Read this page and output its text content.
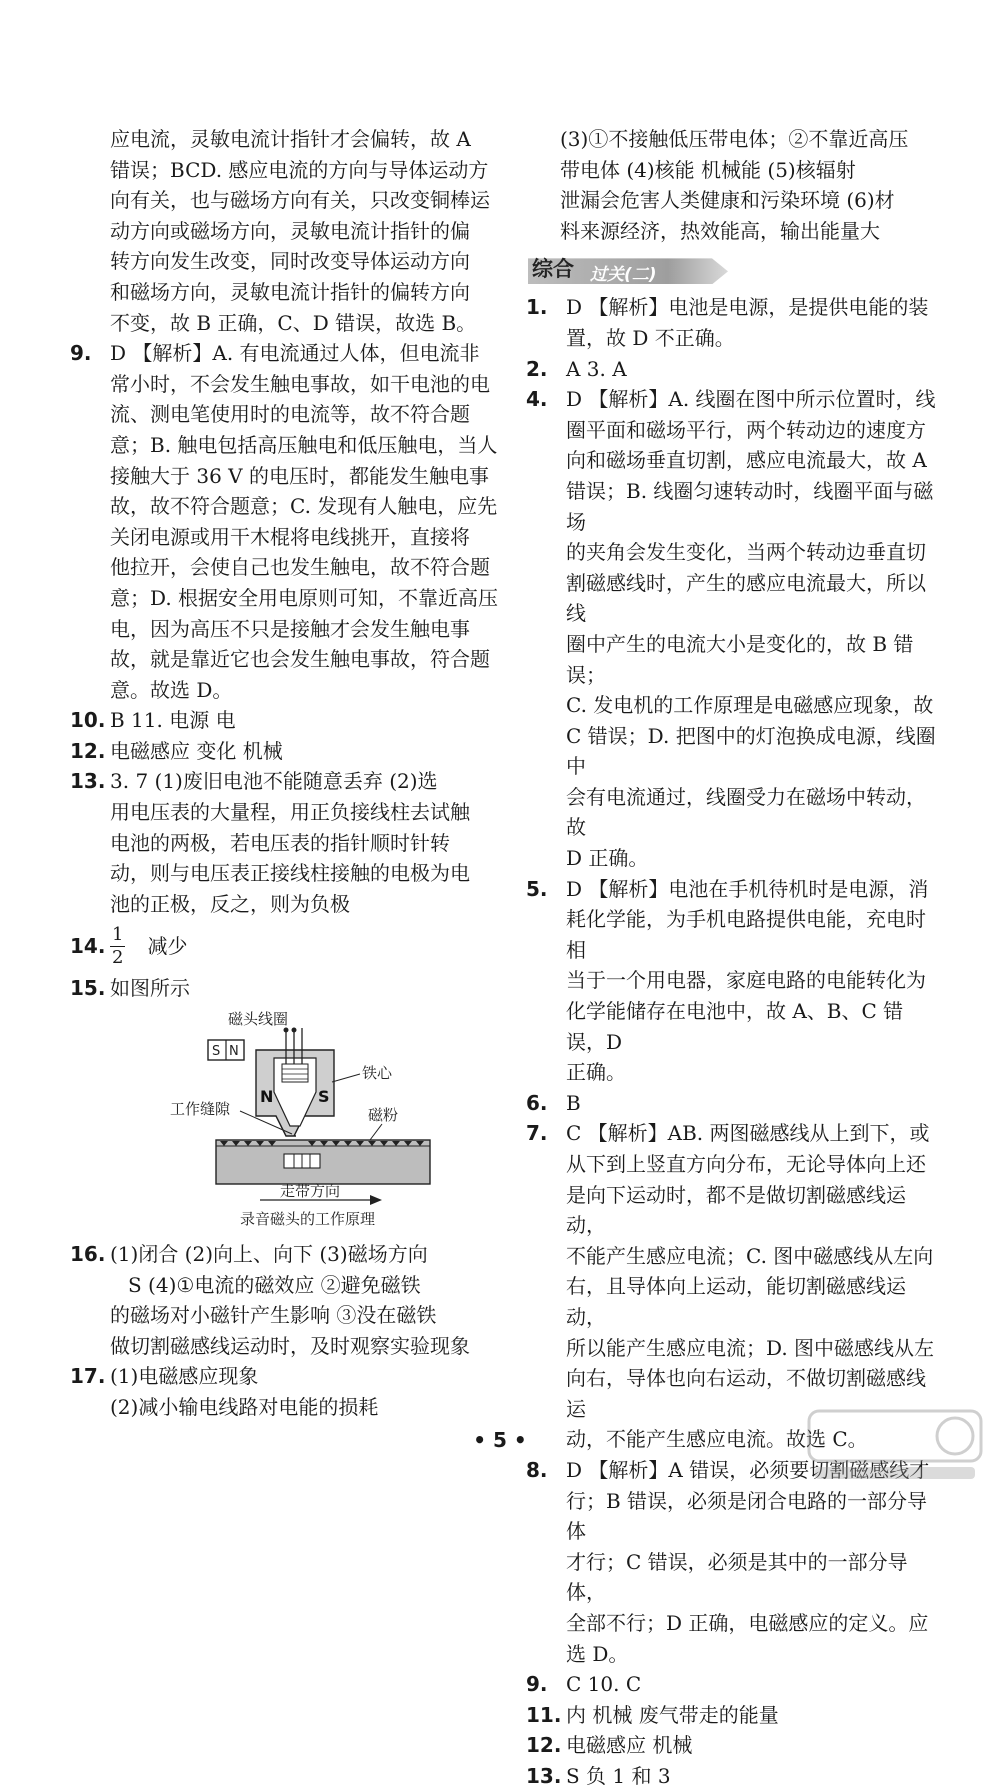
应电流，灵敏电流计指针才会偏转，故 A
错误；BCD. 感应电流的方向与导体运动方
向有关，也与磁场方向有关，只改变铜棒运
动方向或磁场方向，灵敏电流计指针的偏
转方向发生改变，同时改变导体运动方向
和磁场方向，灵敏电流计指针的偏转方向
不变，故 B 正确，C、D 错误，故选 B。
9. D 【解析】A. 有电流通过人体，但电流非
常小时，不会发生触电事故，如干电池的电
流、测电笔使用时的电流等，故不符合题
意；B. 触电包括高压触电和低压触电，当人
接触大于 36 V 的电压时，都能发生触电事
故，故不符合题意；C. 发现有人触电，应先
关闭电源或用干木棍将电线挑开，直接将
他拉开，会使自己也发生触电，故不符合题
意；D. 根据安全用电原则可知，不靠近高压
电，因为高压不只是接触才会发生触电事
故，就是靠近它也会发生触电事故，符合题
意。故选 D。
10. B 11. 电源 电
12. 电磁感应 变化 机械
13. 3. 7 (1)废旧电池不能随意丢弃 (2)选
用电压表的大量程，用正负接线柱去试触
电池的两极，若电压表的指针顺时针转
动，则与电压表正接线柱接触的电极为电
池的正极，反之，则为负极
14. $\frac{1}{2}$ 减少
15. 如图所示
磁头线圈
S N
N	S
铁心
工作缝隙	磁粉
走带方向
录音磁头的工作原理
16. (1)闭合 (2)向上、向下 (3)磁场方向
S (4)①电流的磁效应 ②避免磁铁
的磁场对小磁针产生影响 ③没在磁铁
做切割磁感线运动时，及时观察实验现象
17. (1)电磁感应现象
(2)减小输电线路对电能的损耗
(3)①不接触低压带电体；②不靠近高压
带电体 (4)核能 机械能 (5)核辐射
泄漏会危害人类健康和污染环境 (6)材
料来源经济，热效能高，输出能量大
综合 过关(二)
1. D 【解析】电池是电源，是提供电能的装
置，故 D 不正确。
2. A 3. A
4. D 【解析】A. 线圈在图中所示位置时，线
圈平面和磁场平行，两个转动边的速度方
向和磁场垂直切割，感应电流最大，故 A
错误；B. 线圈匀速转动时，线圈平面与磁场
的夹角会发生变化，当两个转动边垂直切
割磁感线时，产生的感应电流最大，所以线
圈中产生的电流大小是变化的，故 B 错误；
C. 发电机的工作原理是电磁感应现象，故
C 错误；D. 把图中的灯泡换成电源，线圈中
会有电流通过，线圈受力在磁场中转动，故
D 正确。
5. D 【解析】电池在手机待机时是电源，消
耗化学能，为手机电路提供电能，充电时相
当于一个用电器，家庭电路的电能转化为
化学能储存在电池中，故 A、B、C 错误，D
正确。
6. B
7. C 【解析】AB. 两图磁感线从上到下，或
从下到上竖直方向分布，无论导体向上还
是向下运动时，都不是做切割磁感线运动，
不能产生感应电流；C. 图中磁感线从左向
右，且导体向上运动，能切割磁感线运动，
所以能产生感应电流；D. 图中磁感线从左
向右，导体也向右运动，不做切割磁感线运
动，不能产生感应电流。故选 C。
8. D 【解析】A 错误，必须要切割磁感线才
行；B 错误，必须是闭合电路的一部分导体
才行；C 错误，必须是其中的一部分导体，
全部不行；D 正确，电磁感应的定义。应
选 D。
9. C 10. C
11. 内 机械 废气带走的能量
12. 电磁感应 机械
13. S 负 1 和 3
• 5 •
